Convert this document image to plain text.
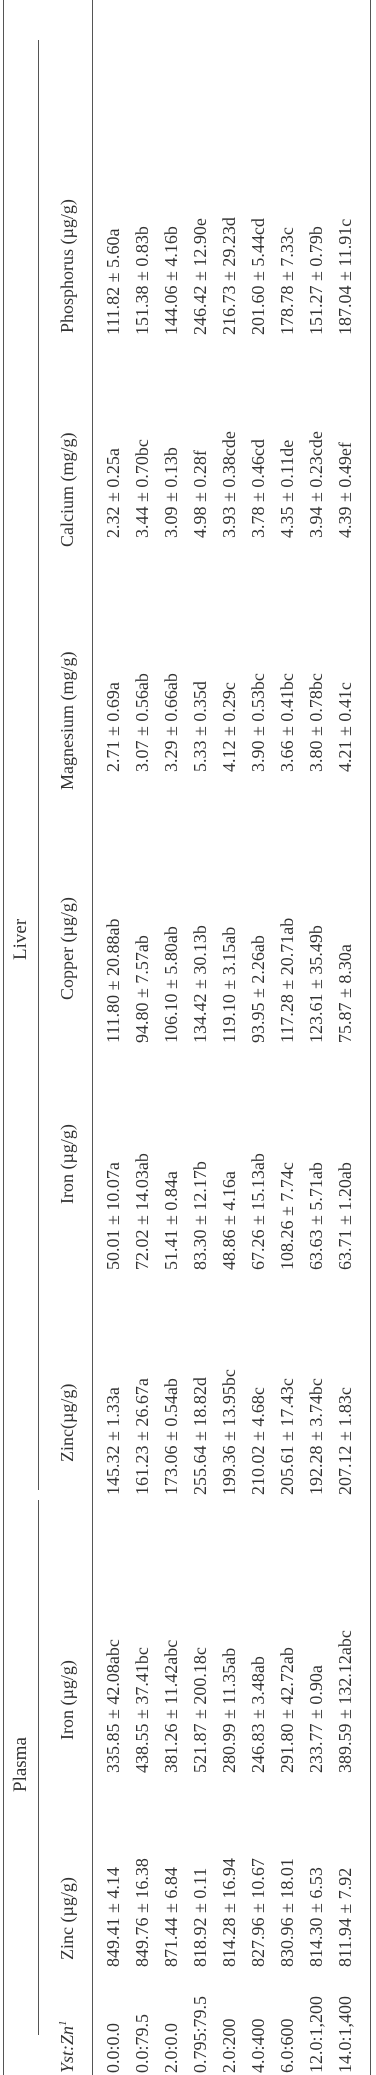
Plasma
Liver
Yst:Zn$^1$
Zinc (µg/g)
Iron (µg/g)
Zinc(µg/g)
Iron (µg/g)
Copper (µg/g)
Magnesium (mg/g)
Calcium (mg/g)
Phosphorus (µg/g)
0.0:0.0
849.41 ± 4.14
335.85 ± 42.08abc
145.32 ± 1.33a
50.01 ± 10.07a
111.80 ± 20.88ab
2.71 ± 0.69a
2.32 ± 0.25a
111.82 ± 5.60a
0.0:79.5
849.76 ± 16.38
438.55 ± 37.41bc
161.23 ± 26.67a
72.02 ± 14.03ab
94.80 ± 7.57ab
3.07 ± 0.56ab
3.44 ± 0.70bc
151.38 ± 0.83b
2.0:0.0
871.44 ± 6.84
381.26 ± 11.42abc
173.06 ± 0.54ab
51.41 ± 0.84a
106.10 ± 5.80ab
3.29 ± 0.66ab
3.09 ± 0.13b
144.06 ± 4.16b
0.795:79.5
818.92 ± 0.11
521.87 ± 200.18c
255.64 ± 18.82d
83.30 ± 12.17b
134.42 ± 30.13b
5.33 ± 0.35d
4.98 ± 0.28f
246.42 ± 12.90e
2.0:200
814.28 ± 16.94
280.99 ± 11.35ab
199.36 ± 13.95bc
48.86 ± 4.16a
119.10 ± 3.15ab
4.12 ± 0.29c
3.93 ± 0.38cde
216.73 ± 29.23d
4.0:400
827.96 ± 10.67
246.83 ± 3.48ab
210.02 ± 4.68c
67.26 ± 15.13ab
93.95 ± 2.26ab
3.90 ± 0.53bc
3.78 ± 0.46cd
201.60 ± 5.44cd
6.0:600
830.96 ± 18.01
291.80 ± 42.72ab
205.61 ± 17.43c
108.26 ± 7.74c
117.28 ± 20.71ab
3.66 ± 0.41bc
4.35 ± 0.11de
178.78 ± 7.33c
12.0:1,200
814.30 ± 6.53
233.77 ± 0.90a
192.28 ± 3.74bc
63.63 ± 5.71ab
123.61 ± 35.49b
3.80 ± 0.78bc
3.94 ± 0.23cde
151.27 ± 0.79b
14.0:1,400
811.94 ± 7.92
389.59 ± 132.12abc
207.12 ± 1.83c
63.71 ± 1.20ab
75.87 ± 8.30a
4.21 ± 0.41c
4.39 ± 0.49ef
187.04 ± 11.91c
